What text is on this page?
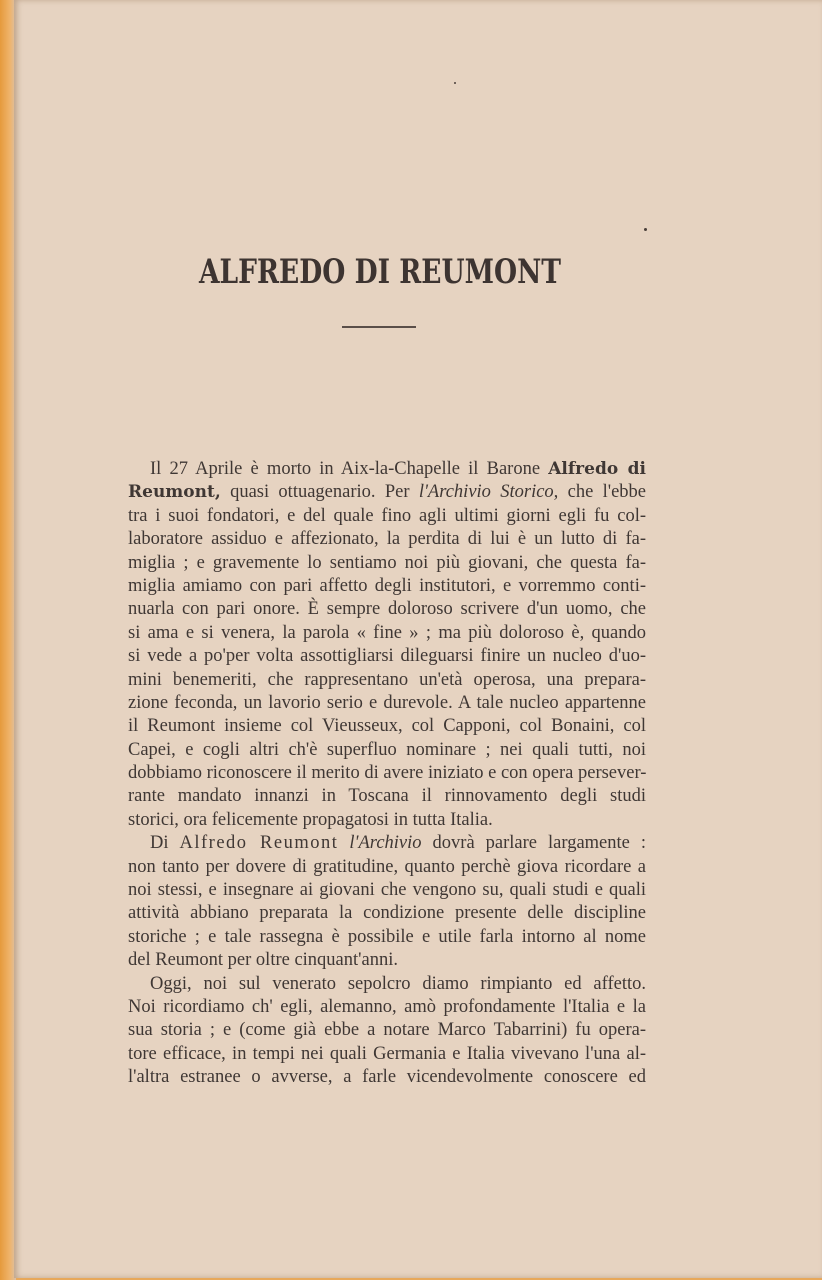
ALFREDO DI REUMONT
Il 27 Aprile è morto in Aix-la-Chapelle il Barone Alfredo di
Reumont, quasi ottuagenario. Per l'Archivio Storico, che l'ebbe
tra i suoi fondatori, e del quale fino agli ultimi giorni egli fu col-
laboratore assiduo e affezionato, la perdita di lui è un lutto di fa-
miglia ; e gravemente lo sentiamo noi più giovani, che questa fa-
miglia amiamo con pari affetto degli institutori, e vorremmo conti-
nuarla con pari onore. È sempre doloroso scrivere d'un uomo, che
si ama e si venera, la parola « fine » ; ma più doloroso è, quando
si vede a po'per volta assottigliarsi dileguarsi finire un nucleo d'uo-
mini benemeriti, che rappresentano un'età operosa, una prepara-
zione feconda, un lavorio serio e durevole. A tale nucleo appartenne
il Reumont insieme col Vieusseux, col Capponi, col Bonaini, col
Capei, e cogli altri ch'è superfluo nominare ; nei quali tutti, noi
dobbiamo riconoscere il merito di avere iniziato e con opera persever-
rante mandato innanzi in Toscana il rinnovamento degli studi
storici, ora felicemente propagatosi in tutta Italia.
Di Alfredo Reumont l'Archivio dovrà parlare largamente :
non tanto per dovere di gratitudine, quanto perchè giova ricordare a
noi stessi, e insegnare ai giovani che vengono su, quali studi e quali
attività abbiano preparata la condizione presente delle discipline
storiche ; e tale rassegna è possibile e utile farla intorno al nome
del Reumont per oltre cinquant'anni.
Oggi, noi sul venerato sepolcro diamo rimpianto ed affetto.
Noi ricordiamo ch' egli, alemanno, amò profondamente l'Italia e la
sua storia ; e (come già ebbe a notare Marco Tabarrini) fu opera-
tore efficace, in tempi nei quali Germania e Italia vivevano l'una al-
l'altra estranee o avverse, a farle vicendevolmente conoscere ed
